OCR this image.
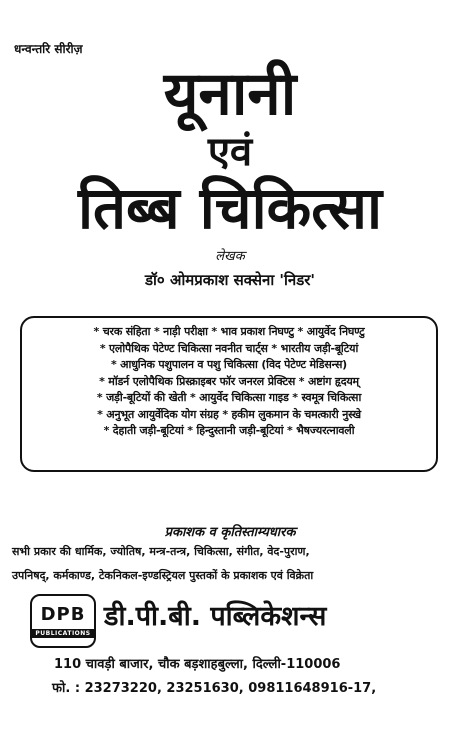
धन्वन्तरि सीरीज़
यूनानी
एवं
तिब्ब चिकित्सा
लेखक
डॉ० ओमप्रकाश सक्सेना 'निडर'
* चरक संहिता * नाड़ी परीक्षा * भाव प्रकाश निघण्टु * आयुर्वेद निघण्टु
* एलोपैथिक पेटेण्ट चिकित्सा नवनीत चार्ट्स * भारतीय जड़ी-बूटियां
* आधुनिक पशुपालन व पशु चिकित्सा (विद पेटेण्ट मेडिसन्स)
* मॉडर्न एलोपैथिक प्रिस्क्राइबर फॉर जनरल प्रेक्टिस * अष्टांग हृदयम्
* जड़ी-बूटियों की खेती * आयुर्वेद चिकित्सा गाइड * स्वमूत्र चिकित्सा
* अनुभूत आयुर्वेदिक योग संग्रह * हकीम लुकमान के चमत्कारी नुस्खे
* देहाती जड़ी-बूटियां * हिन्दुस्तानी जड़ी-बूटियां * भैषज्यरत्नावली
प्रकाशक व कृतिस्ताम्यधारक
सभी प्रकार की धार्मिक, ज्योतिष, मन्त्र-तन्त्र, चिकित्सा, संगीत, वेद-पुराण,
उपनिषद्, कर्मकाण्ड, टेकनिकल-इण्डस्ट्रियल पुस्तकों के प्रकाशक एवं विक्रेता
DPB
PUBLICATIONS
डी.पी.बी. पब्लिकेशन्स
110 चावड़ी बाजार, चौक बड़शाहबुल्ला, दिल्ली-110006
फो. : 23273220, 23251630, 09811648916-17,
